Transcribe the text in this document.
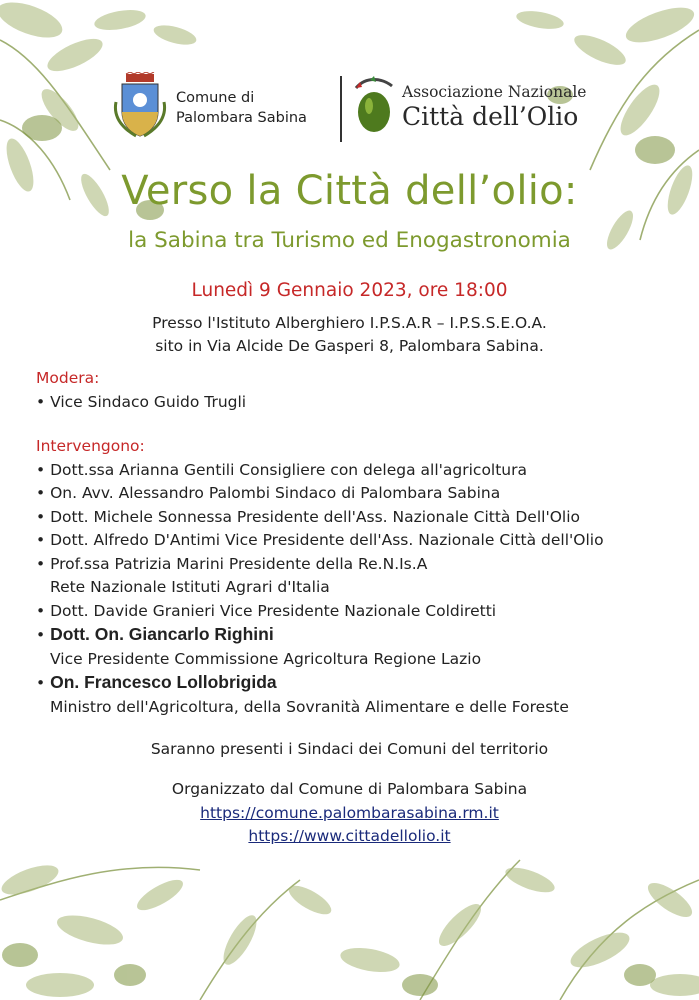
Comune di
Palombara Sabina
Associazione Nazionale
Città dell’Olio
Verso la Città dell’olio:
la Sabina tra Turismo ed Enogastronomia
Lunedì 9 Gennaio 2023, ore 18:00
Presso l'Istituto Alberghiero I.P.S.A.R – I.P.S.S.E.O.A.
sito in Via Alcide De Gasperi 8, Palombara Sabina.
Modera:
• Vice Sindaco Guido Trugli
Intervengono:
• Dott.ssa Arianna Gentili Consigliere con delega all'agricoltura
• On. Avv. Alessandro Palombi Sindaco di Palombara Sabina
• Dott. Michele Sonnessa Presidente dell'Ass. Nazionale Città Dell'Olio
• Dott. Alfredo D'Antimi Vice Presidente dell'Ass. Nazionale Città dell'Olio
• Prof.ssa Patrizia Marini Presidente della Re.N.Is.A
Rete Nazionale Istituti Agrari d'Italia
• Dott. Davide Granieri Vice Presidente Nazionale Coldiretti
• Dott. On. Giancarlo Righini
Vice Presidente Commissione Agricoltura Regione Lazio
• On. Francesco Lollobrigida
Ministro dell'Agricoltura, della Sovranità Alimentare e delle Foreste
Saranno presenti i Sindaci dei Comuni del territorio
Organizzato dal Comune di Palombara Sabina
https://comune.palombarasabina.rm.it
https://www.cittadellolio.it
